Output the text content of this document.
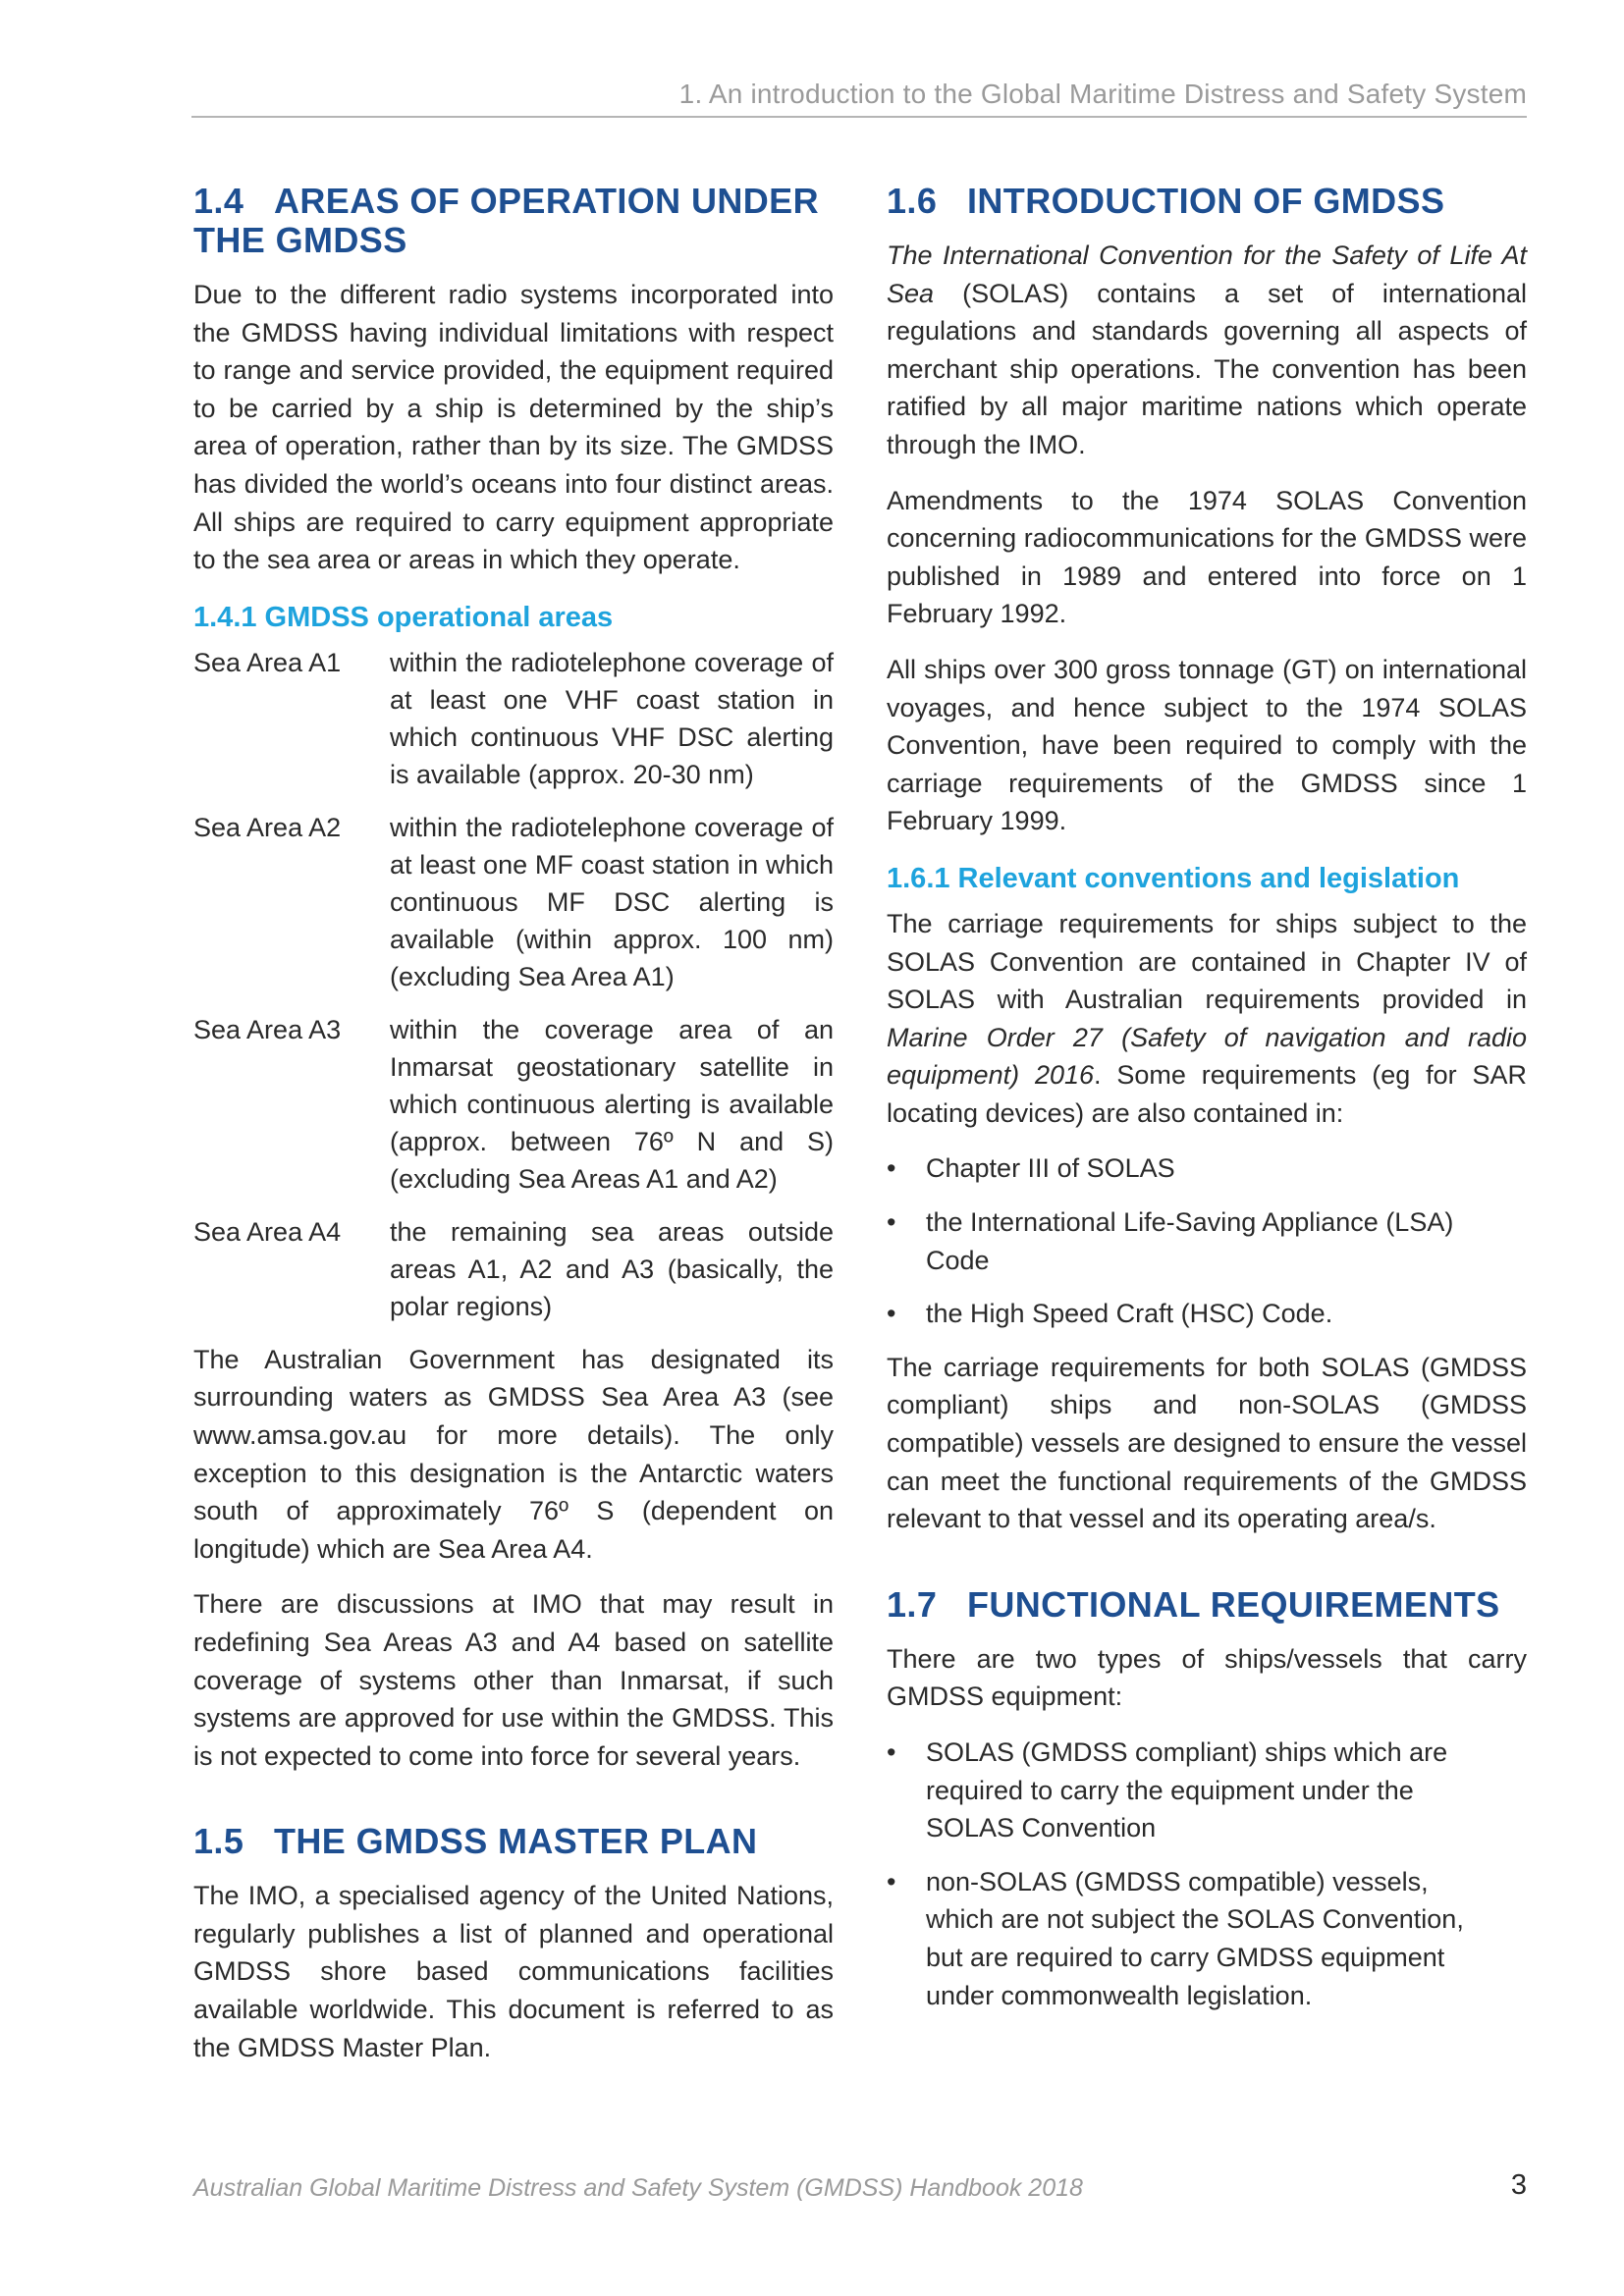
1. An introduction to the Global Maritime Distress and Safety System
1.4 AREAS OF OPERATION UNDER THE GMDSS

Due to the different radio systems incorporated into the GMDSS having individual limitations with respect to range and service provided, the equipment required to be carried by a ship is determined by the ship’s area of operation, rather than by its size. The GMDSS has divided the world’s oceans into four distinct areas. All ships are required to carry equipment appropriate to the sea area or areas in which they operate.

1.4.1 GMDSS operational areas
Sea Area A1	within the radiotelephone coverage of at least one VHF coast station in which continuous VHF DSC alerting is available (approx. 20-30 nm)
Sea Area A2	within the radiotelephone coverage of at least one MF coast station in which continuous MF DSC alerting is available (within approx. 100 nm) (excluding Sea Area A1)
Sea Area A3	within the coverage area of an Inmarsat geostationary satellite in which continuous alerting is available (approx. between 76º N and S) (excluding Sea Areas A1 and A2)
Sea Area A4	the remaining sea areas outside areas A1, A2 and A3 (basically, the polar regions)

The Australian Government has designated its surrounding waters as GMDSS Sea Area A3 (see www.amsa.gov.au for more details). The only exception to this designation is the Antarctic waters south of approximately 76º S (dependent on longitude) which are Sea Area A4.

There are discussions at IMO that may result in redefining Sea Areas A3 and A4 based on satellite coverage of systems other than Inmarsat, if such systems are approved for use within the GMDSS. This is not expected to come into force for several years.

1.5 THE GMDSS MASTER PLAN

The IMO, a specialised agency of the United Nations, regularly publishes a list of planned and operational GMDSS shore based communications facilities available worldwide. This document is referred to as the GMDSS Master Plan.

1.6 INTRODUCTION OF GMDSS

The International Convention for the Safety of Life At Sea (SOLAS) contains a set of international regulations and standards governing all aspects of merchant ship operations. The convention has been ratified by all major maritime nations which operate through the IMO.

Amendments to the 1974 SOLAS Convention concerning radiocommunications for the GMDSS were published in 1989 and entered into force on 1 February 1992.

All ships over 300 gross tonnage (GT) on international voyages, and hence subject to the 1974 SOLAS Convention, have been required to comply with the carriage requirements of the GMDSS since 1 February 1999.

1.6.1 Relevant conventions and legislation

The carriage requirements for ships subject to the SOLAS Convention are contained in Chapter IV of SOLAS with Australian requirements provided in Marine Order 27 (Safety of navigation and radio equipment) 2016. Some requirements (eg for SAR locating devices) are also contained in:

• Chapter III of SOLAS
• the International Life-Saving Appliance (LSA) Code
• the High Speed Craft (HSC) Code.

The carriage requirements for both SOLAS (GMDSS compliant) ships and non-SOLAS (GMDSS compatible) vessels are designed to ensure the vessel can meet the functional requirements of the GMDSS relevant to that vessel and its operating area/s.

1.7 FUNCTIONAL REQUIREMENTS

There are two types of ships/vessels that carry GMDSS equipment:

• SOLAS (GMDSS compliant) ships which are required to carry the equipment under the SOLAS Convention
• non-SOLAS (GMDSS compatible) vessels, which are not subject the SOLAS Convention, but are required to carry GMDSS equipment under commonwealth legislation.
Australian Global Maritime Distress and Safety System (GMDSS) Handbook 2018	3
